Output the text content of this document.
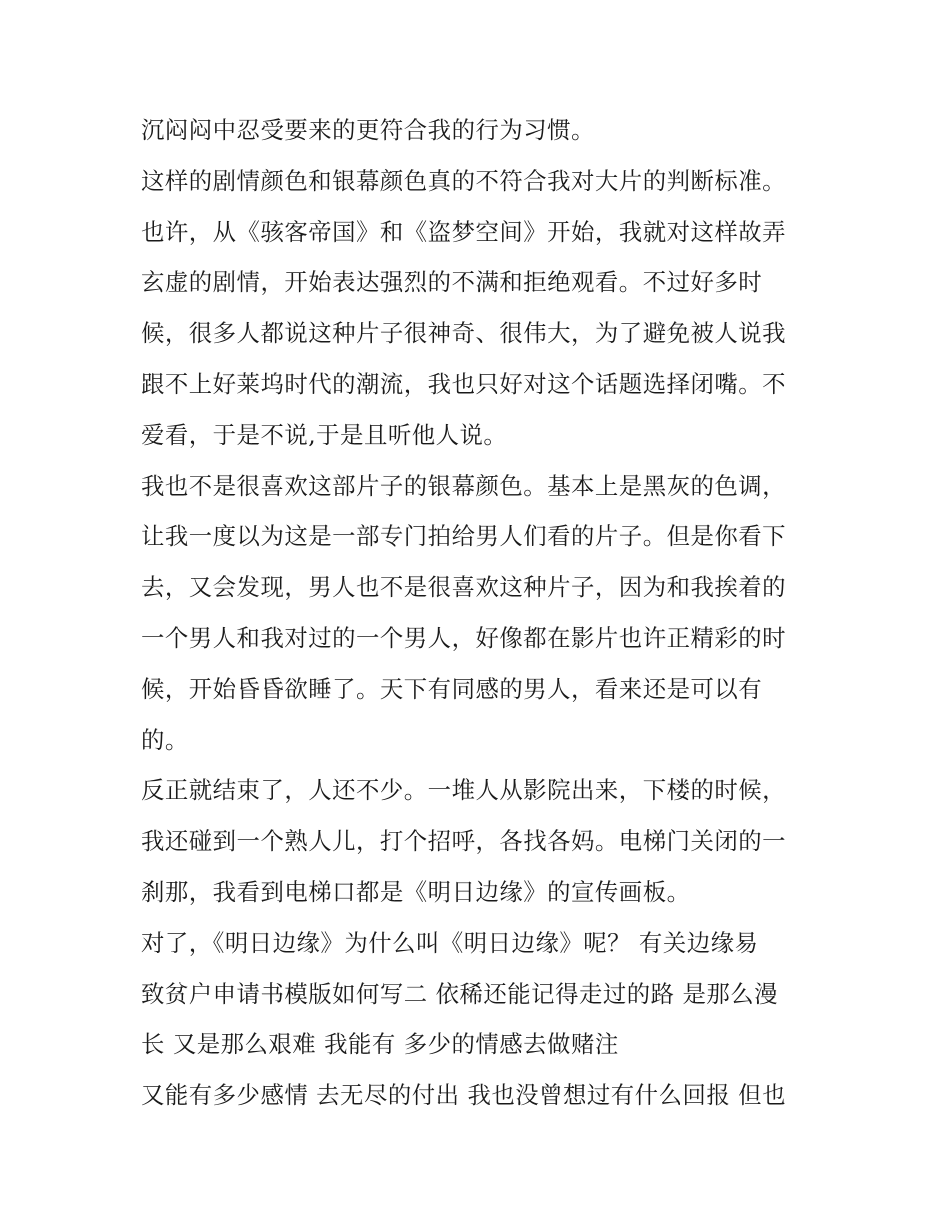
沉闷闷中忍受要来的更符合我的行为习惯。
这样的剧情颜色和银幕颜色真的不符合我对大片的判断标准。
也许，从《骇客帝国》和《盗梦空间》开始，我就对这样故弄
玄虚的剧情，开始表达强烈的不满和拒绝观看。不过好多时
候，很多人都说这种片子很神奇、很伟大，为了避免被人说我
跟不上好莱坞时代的潮流，我也只好对这个话题选择闭嘴。不
爱看，于是不说,于是且听他人说。
我也不是很喜欢这部片子的银幕颜色。基本上是黑灰的色调，
让我一度以为这是一部专门拍给男人们看的片子。但是你看下
去，又会发现，男人也不是很喜欢这种片子，因为和我挨着的
一个男人和我对过的一个男人，好像都在影片也许正精彩的时
候，开始昏昏欲睡了。天下有同感的男人，看来还是可以有
的。
反正就结束了，人还不少。一堆人从影院出来，下楼的时候，
我还碰到一个熟人儿，打个招呼，各找各妈。电梯门关闭的一
刹那，我看到电梯口都是《明日边缘》的宣传画板。
对了，《明日边缘》为什么叫《明日边缘》呢？ 有关边缘易
致贫户申请书模版如何写二 依稀还能记得走过的路 是那么漫
长 又是那么艰难 我能有 多少的情感去做赌注
又能有多少感情 去无尽的付出 我也没曾想过有什么回报 但也
